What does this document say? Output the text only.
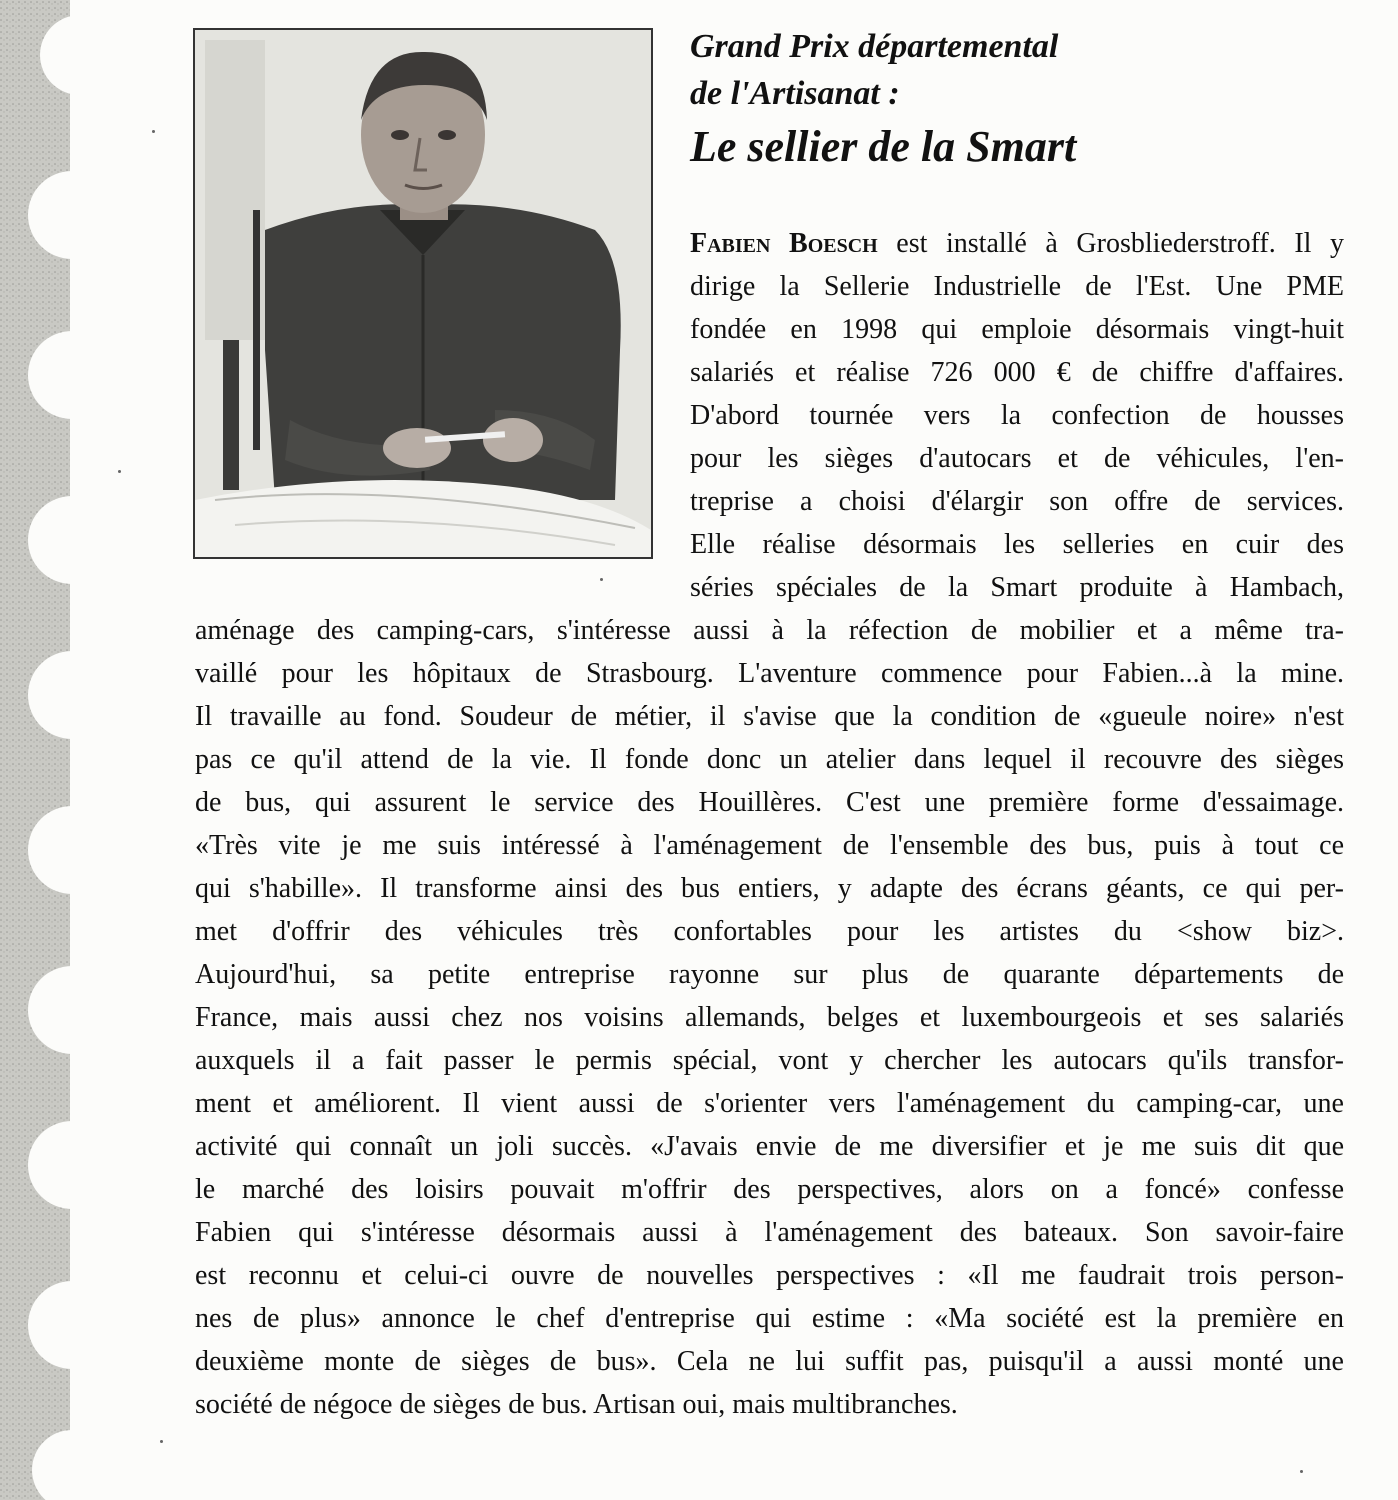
Grand Prix départemental
de l'Artisanat :
Le sellier de la Smart

Fabien Boesch est installé à Grosbliederstroff. Il y

dirige la Sellerie Industrielle de l'Est. Une PME

fondée en 1998 qui emploie désormais vingt-huit

salariés et réalise 726 000 € de chiffre d'affaires.

D'abord tournée vers la confection de housses

pour les sièges d'autocars et de véhicules, l'en-

treprise a choisi d'élargir son offre de services.

Elle réalise désormais les selleries en cuir des

séries spéciales de la Smart produite à Hambach,

aménage des camping-cars, s'intéresse aussi à la réfection de mobilier et a même tra-

vaillé pour les hôpitaux de Strasbourg. L'aventure commence pour Fabien...à la mine.

Il travaille au fond. Soudeur de métier, il s'avise que la condition de «gueule noire» n'est

pas ce qu'il attend de la vie. Il fonde donc un atelier dans lequel il recouvre des sièges

de bus, qui assurent le service des Houillères. C'est une première forme d'essaimage.

«Très vite je me suis intéressé à l'aménagement de l'ensemble des bus, puis à tout ce

qui s'habille». Il transforme ainsi des bus entiers, y adapte des écrans géants, ce qui per-

met d'offrir des véhicules très confortables pour les artistes du <show biz>.

Aujourd'hui, sa petite entreprise rayonne sur plus de quarante départements de

France, mais aussi chez nos voisins allemands, belges et luxembourgeois et ses salariés

auxquels il a fait passer le permis spécial, vont y chercher les autocars qu'ils transfor-

ment et améliorent. Il vient aussi de s'orienter vers l'aménagement du camping-car, une

activité qui connaît un joli succès. «J'avais envie de me diversifier et je me suis dit que

le marché des loisirs pouvait m'offrir des perspectives, alors on a foncé» confesse

Fabien qui s'intéresse désormais aussi à l'aménagement des bateaux. Son savoir-faire

est reconnu et celui-ci ouvre de nouvelles perspectives : «Il me faudrait trois person-

nes de plus» annonce le chef d'entreprise qui estime : «Ma société est la première en

deuxième monte de sièges de bus». Cela ne lui suffit pas, puisqu'il a aussi monté une

société de négoce de sièges de bus. Artisan oui, mais multibranches.
